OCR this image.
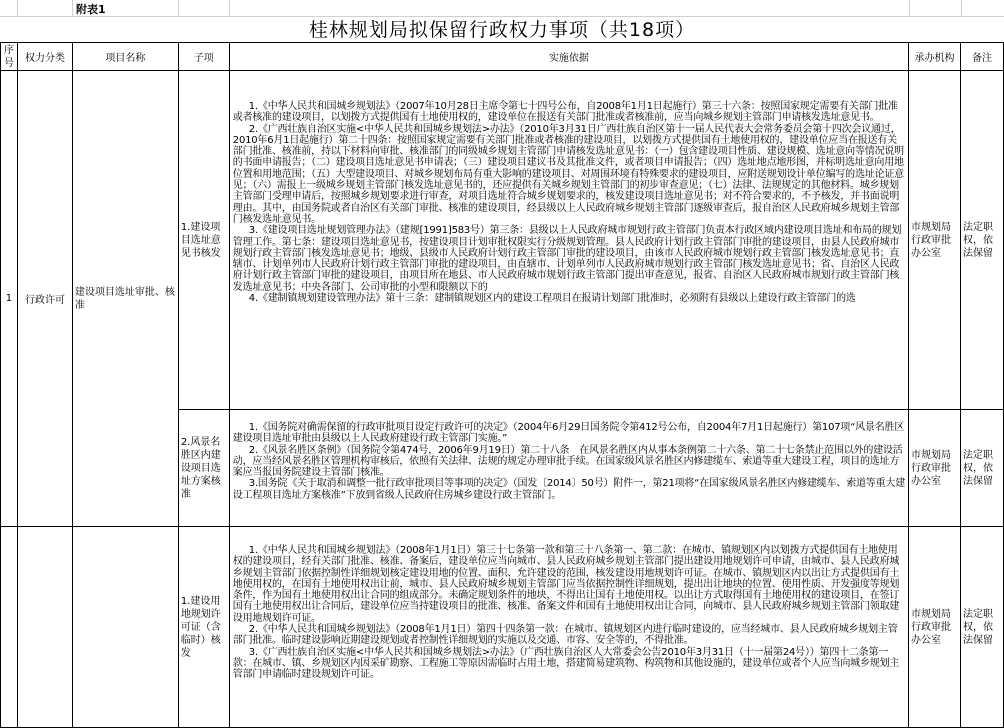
附表1
桂林规划局拟保留行政权力事项（共18项）
序号	权力分类	项目名称	子项	实施依据	承办机构	备注
1	行政许可	建设项目选址审批、核准	1.建设项目选址意见书核发	1.《中华人民共和国城乡规划法》（2007年10月28日主席令第七十四号公布，自2008年1月1日起施行）第三十六条：按照国家规定需要有关部门批准或者核准的建设项目，以划拨方式提供国有土地使用权的，建设单位在报送有关部门批准或者核准前，应当向城乡规划主管部门申请核发选址意见书。

2.《广西壮族自治区实施<中华人民共和国城乡规划法>办法》（2010年3月31日广西壮族自治区第十一届人民代表大会常务委员会第十四次会议通过，2010年6月1日起施行）第二十四条：按照国家规定需要有关部门批准或者核准的建设项目，以划拨方式提供国有土地使用权的，建设单位应当在报送有关部门批准、核准前，持以下材料向审批、核准部门的同级城乡规划主管部门申请核发选址意见书：（一）包含建设项目性质、建设规模、选址意向等情况说明的书面申请报告；（二）建设项目选址意见书申请表；（三）建设项目建议书及其批准文件，或者项目申请报告；（四）选址地点地形图，并标明选址意向用地位置和用地范围；（五）大型建设项目、对城乡规划布局有重大影响的建设项目、对周围环境有特殊要求的建设项目，应附送规划设计单位编写的选址论证意见；（六）需报上一级城乡规划主管部门核发选址意见书的，还应提供有关城乡规划主管部门的初步审查意见；（七）法律、法规规定的其他材料。城乡规划主管部门受理申请后，按照城乡规划要求进行审查，对项目选址符合城乡规划要求的，核发建设项目选址意见书；对不符合要求的，不予核发，并书面说明理由。其中，由国务院或者自治区有关部门审批、核准的建设项目，经县级以上人民政府城乡规划主管部门逐级审查后，报自治区人民政府城乡规划主管部门核发选址意见书。

3.《建设项目选址规划管理办法》（建规[1991]583号）第三条：县级以上人民政府城市规划行政主管部门负责本行政区域内建设项目选址和布局的规划管理工作。第七条：建设项目选址意见书，按建设项目计划审批权限实行分级规划管理。县人民政府计划行政主管部门审批的建设项目，由县人民政府城市规划行政主管部门核发选址意见书；地级、县级市人民政府计划行政主管部门审批的建设项目，由该市人民政府城市规划行政主管部门核发选址意见书；直辖市、计划单列市人民政府计划行政主管部门审批的建设项目，由直辖市、计划单列市人民政府城市规划行政主管部门核发选址意见书；省、自治区人民政府计划行政主管部门审批的建设项目，由项目所在地县、市人民政府城市规划行政主管部门提出审查意见，报省、自治区人民政府城市规划行政主管部门核发选址意见书；中央各部门、公司审批的小型和限额以下的

4.《建制镇规划建设管理办法》第十三条：建制镇规划区内的建设工程项目在报请计划部门批准时，必须附有县级以上建设行政主管部门的选	市规划局行政审批办公室	法定职权，依法保留
			2.风景名胜区内建设项目选址方案核准	1.《国务院对确需保留的行政审批项目设定行政许可的决定》（2004年6月29日国务院令第412号公布，自2004年7月1日起施行）第107项“风景名胜区建设项目选址审批由县级以上人民政府建设行政主管部门实施。”

2.《风景名胜区条例》（国务院令第474号，2006年9月19日）第二十八条　在风景名胜区内从事本条例第二十六条、第二十七条禁止范围以外的建设活动，应当经风景名胜区管理机构审核后，依照有关法律、法规的规定办理审批手续。在国家级风景名胜区内修建缆车、索道等重大建设工程，项目的选址方案应当报国务院建设主管部门核准。

3.国务院《关于取消和调整一批行政审批项目等事项的决定》（国发〔2014〕50号）附件一，第21项将“在国家级风景名胜区内修建缆车、索道等重大建设工程项目选址方案核准”下放到省级人民政府住房城乡建设行政主管部门。	市规划局行政审批办公室	法定职权，依法保留
			1.建设用地规划许可证（含临时）核发	1.《中华人民共和国城乡规划法》（2008年1月1日）第三十七条第一款和第三十八条第一、第二款：在城市、镇规划区内以划拨方式提供国有土地使用权的建设项目，经有关部门批准、核准、备案后，建设单位应当向城市、县人民政府城乡规划主管部门提出建设用地规划许可申请，由城市、县人民政府城乡规划主管部门依据控制性详细规划核定建设用地的位置、面积、允许建设的范围，核发建设用地规划许可证。在城市、镇规划区内以出让方式提供国有土地使用权的，在国有土地使用权出让前，城市、县人民政府城乡规划主管部门应当依据控制性详细规划，提出出让地块的位置、使用性质、开发强度等规划条件，作为国有土地使用权出让合同的组成部分。未确定规划条件的地块，不得出让国有土地使用权。以出让方式取得国有土地使用权的建设项目，在签订国有土地使用权出让合同后，建设单位应当持建设项目的批准、核准、备案文件和国有土地使用权出让合同，向城市、县人民政府城乡规划主管部门领取建设用地规划许可证。

2.《中华人民共和国城乡规划法》（2008年1月1日）第四十四条第一款：在城市、镇规划区内进行临时建设的，应当经城市、县人民政府城乡规划主管部门批准。临时建设影响近期建设规划或者控制性详细规划的实施以及交通、市容、安全等的，不得批准。

3.《广西壮族自治区实施<中华人民共和国城乡规划法>办法》（广西壮族自治区人大常委会公告2010年3月31日（十一届第24号））第四十二条第一款：在城市、镇、乡规划区内因采矿勘察、工程施工等原因需临时占用土地，搭建简易建筑物、构筑物和其他设施的，建设单位或者个人应当向城乡规划主管部门申请临时建设规划许可证。	市规划局行政审批办公室	法定职权，依法保留
